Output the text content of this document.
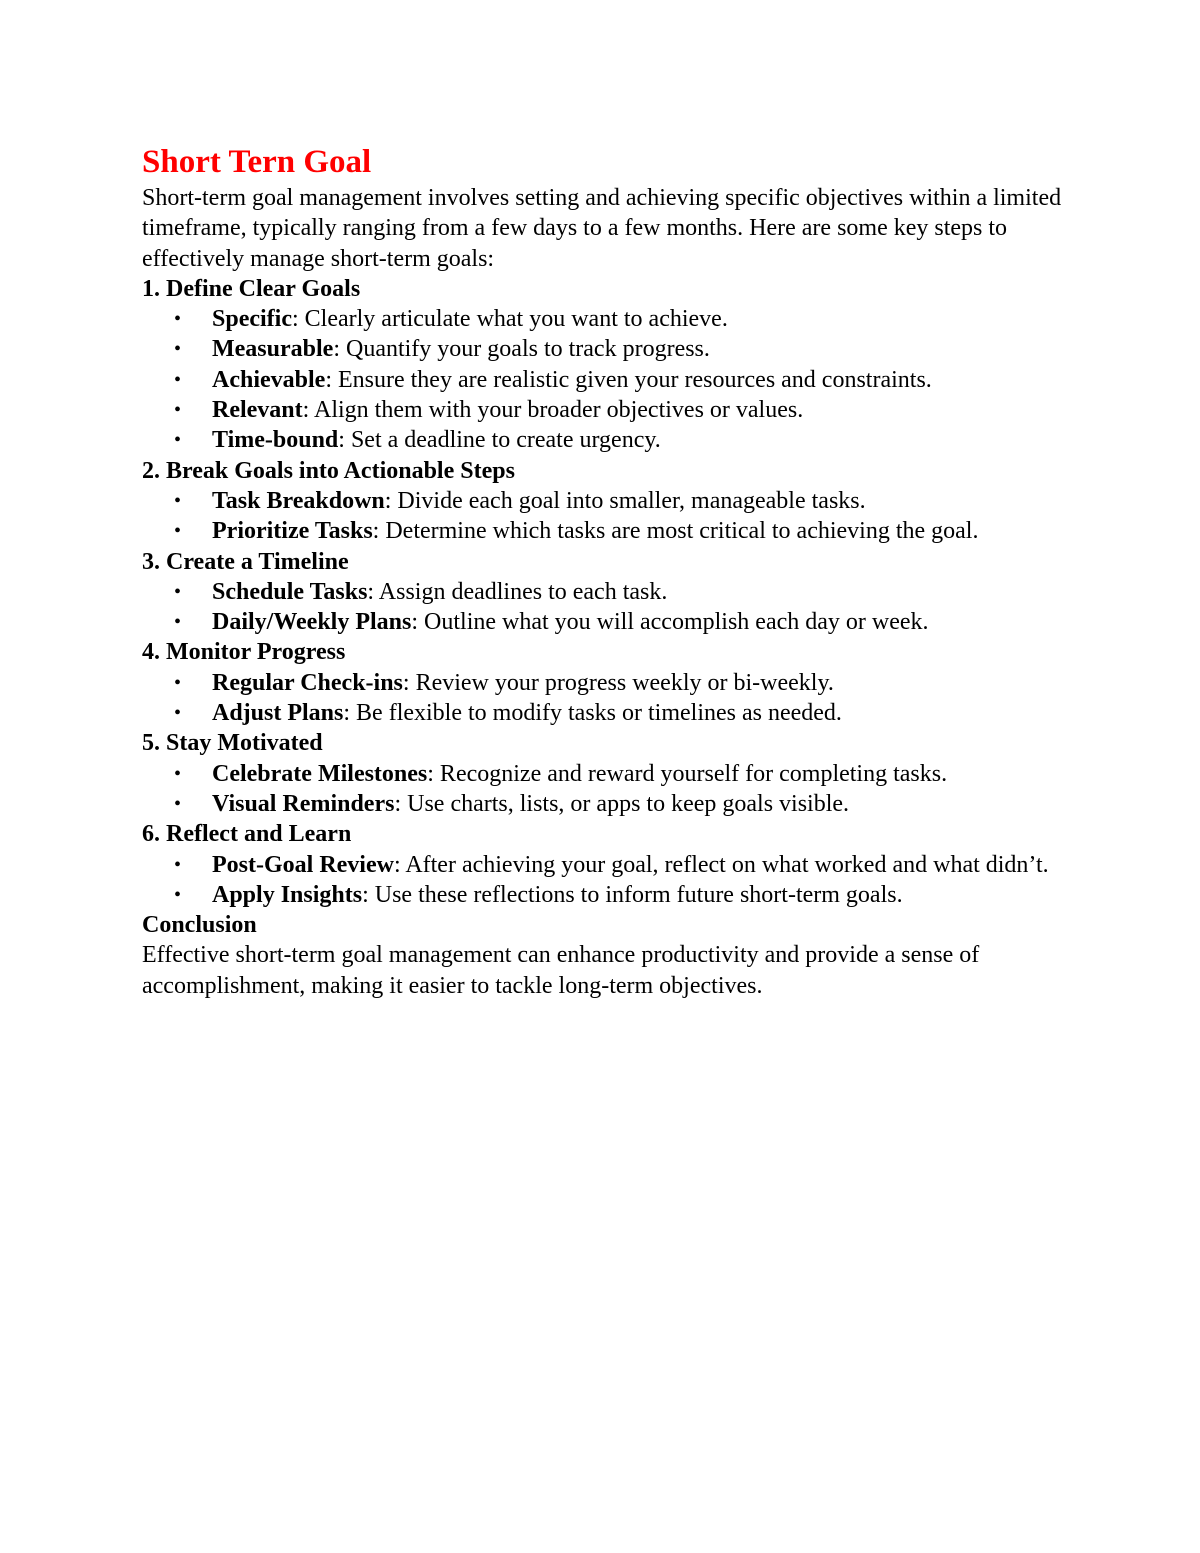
Short Tern Goal

Short-term goal management involves setting and achieving specific objectives within a limited timeframe, typically ranging from a few days to a few months. Here are some key steps to effectively manage short-term goals:

1. Define Clear Goals

• Specific: Clearly articulate what you want to achieve.
• Measurable: Quantify your goals to track progress.
• Achievable: Ensure they are realistic given your resources and constraints.
• Relevant: Align them with your broader objectives or values.
• Time-bound: Set a deadline to create urgency.

2. Break Goals into Actionable Steps

• Task Breakdown: Divide each goal into smaller, manageable tasks.
• Prioritize Tasks: Determine which tasks are most critical to achieving the goal.

3. Create a Timeline

• Schedule Tasks: Assign deadlines to each task.
• Daily/Weekly Plans: Outline what you will accomplish each day or week.

4. Monitor Progress

• Regular Check-ins: Review your progress weekly or bi-weekly.
• Adjust Plans: Be flexible to modify tasks or timelines as needed.

5. Stay Motivated

• Celebrate Milestones: Recognize and reward yourself for completing tasks.
• Visual Reminders: Use charts, lists, or apps to keep goals visible.

6. Reflect and Learn

• Post-Goal Review: After achieving your goal, reflect on what worked and what didn’t.
• Apply Insights: Use these reflections to inform future short-term goals.

Conclusion

Effective short-term goal management can enhance productivity and provide a sense of accomplishment, making it easier to tackle long-term objectives.
